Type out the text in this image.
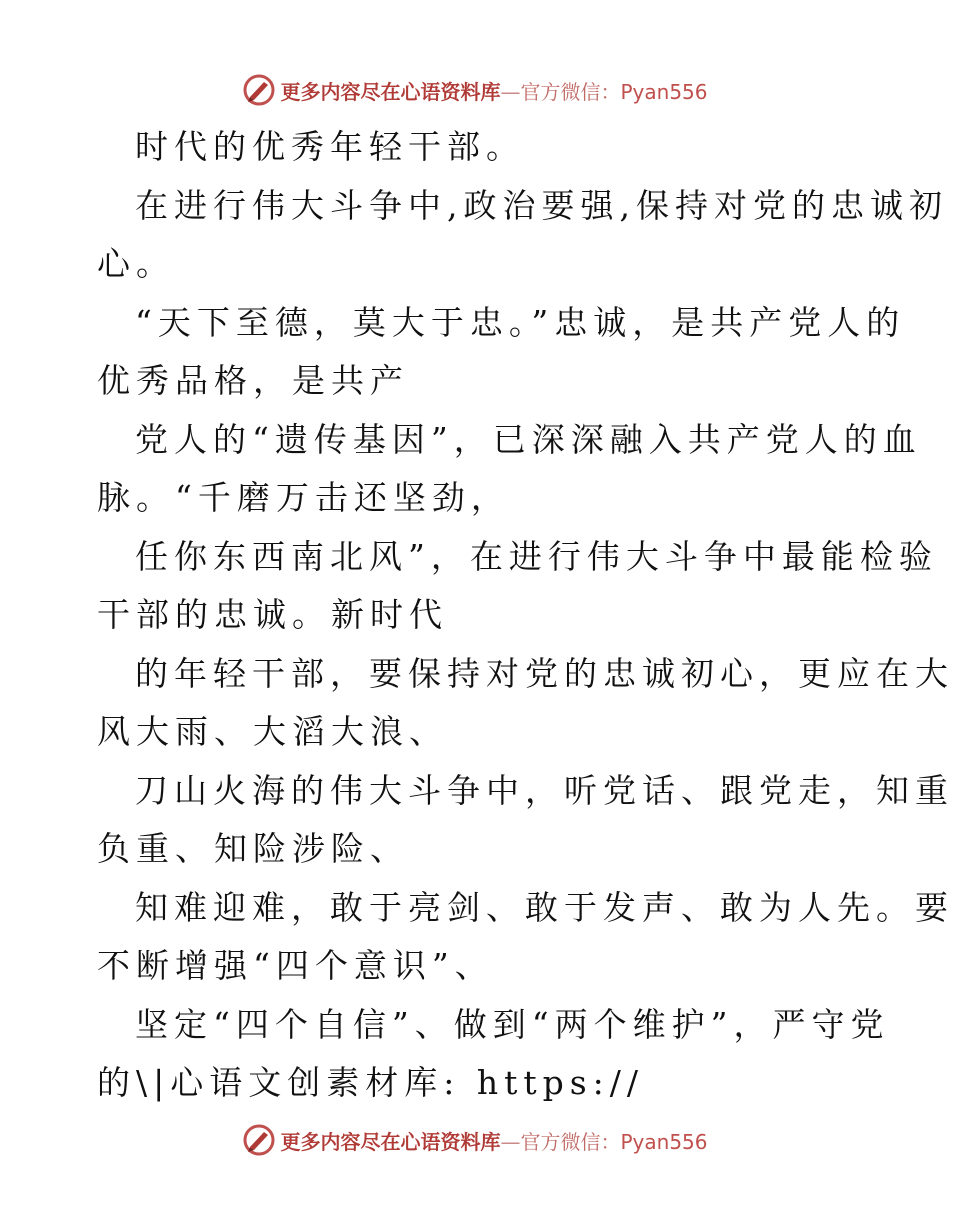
更多内容尽在心语资料库—官方微信：Pyan556
时代的优秀年轻干部。
在进行伟大斗争中,政治要强,保持对党的忠诚初
心。
“天下至德，莫大于忠。”忠诚，是共产党人的
优秀品格，是共产
党人的“遗传基因”，已深深融入共产党人的血
脉。“千磨万击还坚劲，
任你东西南北风”，在进行伟大斗争中最能检验
干部的忠诚。新时代
的年轻干部，要保持对党的忠诚初心，更应在大
风大雨、大滔大浪、
刀山火海的伟大斗争中，听党话、跟党走，知重
负重、知险涉险、
知难迎难，敢于亮剑、敢于发声、敢为人先。要
不断增强“四个意识”、
坚定“四个自信”、做到“两个维护”，严守党
的\|心语文创素材库: https://
更多内容尽在心语资料库—官方微信：Pyan556
